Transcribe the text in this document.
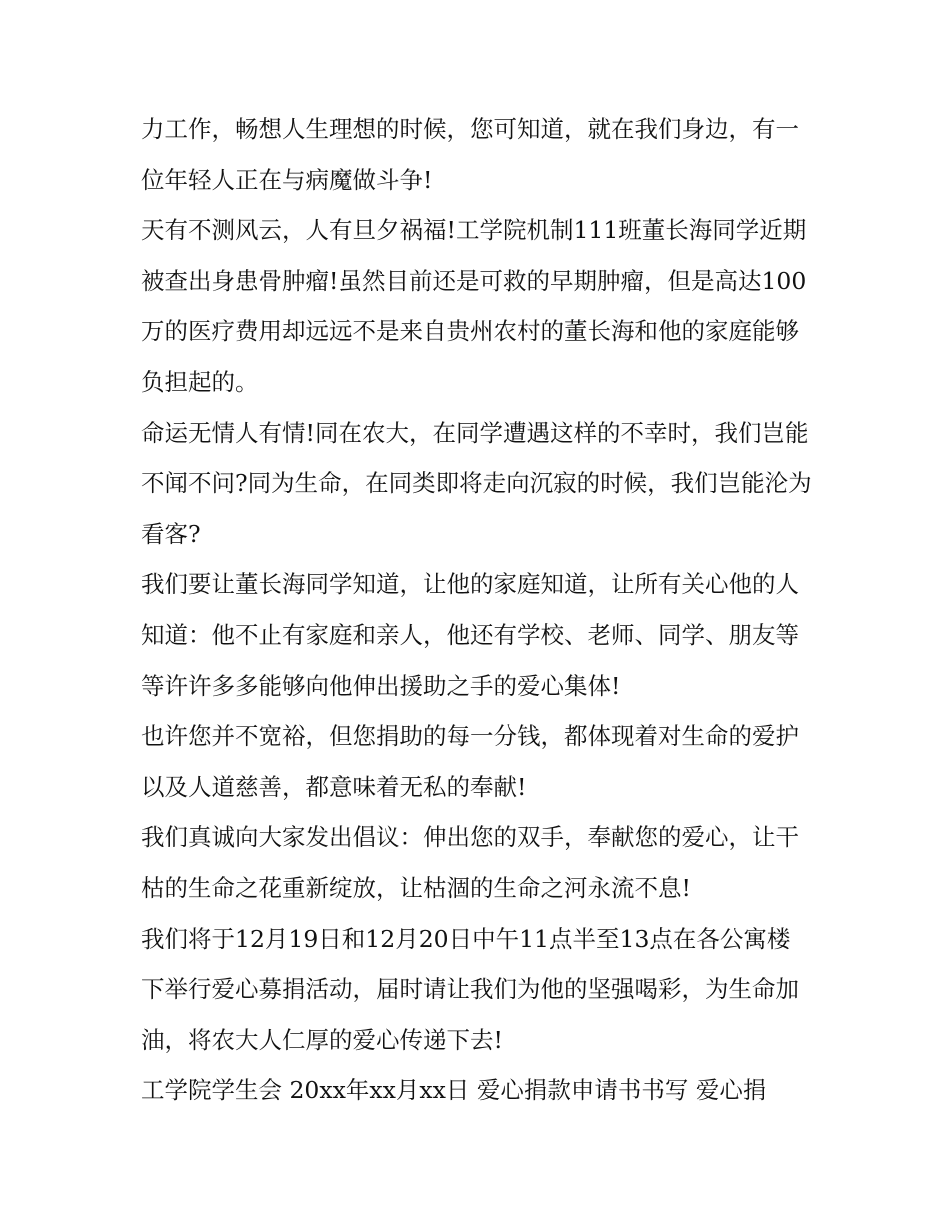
力工作，畅想人生理想的时候，您可知道，就在我们身边，有一位年轻人正在与病魔做斗争!

天有不测风云，人有旦夕祸福!工学院机制111班董长海同学近期被查出身患骨肿瘤!虽然目前还是可救的早期肿瘤，但是高达100万的医疗费用却远远不是来自贵州农村的董长海和他的家庭能够负担起的。

命运无情人有情!同在农大，在同学遭遇这样的不幸时，我们岂能不闻不问?同为生命，在同类即将走向沉寂的时候，我们岂能沦为看客?

我们要让董长海同学知道，让他的家庭知道，让所有关心他的人知道：他不止有家庭和亲人，他还有学校、老师、同学、朋友等等许许多多能够向他伸出援助之手的爱心集体!

也许您并不宽裕，但您捐助的每一分钱，都体现着对生命的爱护以及人道慈善，都意味着无私的奉献!

我们真诚向大家发出倡议：伸出您的双手，奉献您的爱心，让干枯的生命之花重新绽放，让枯涸的生命之河永流不息!

我们将于12月19日和12月20日中午11点半至13点在各公寓楼下举行爱心募捐活动，届时请让我们为他的坚强喝彩，为生命加油，将农大人仁厚的爱心传递下去!

工学院学生会 20xx年xx月xx日 爱心捐款申请书书写 爱心捐
